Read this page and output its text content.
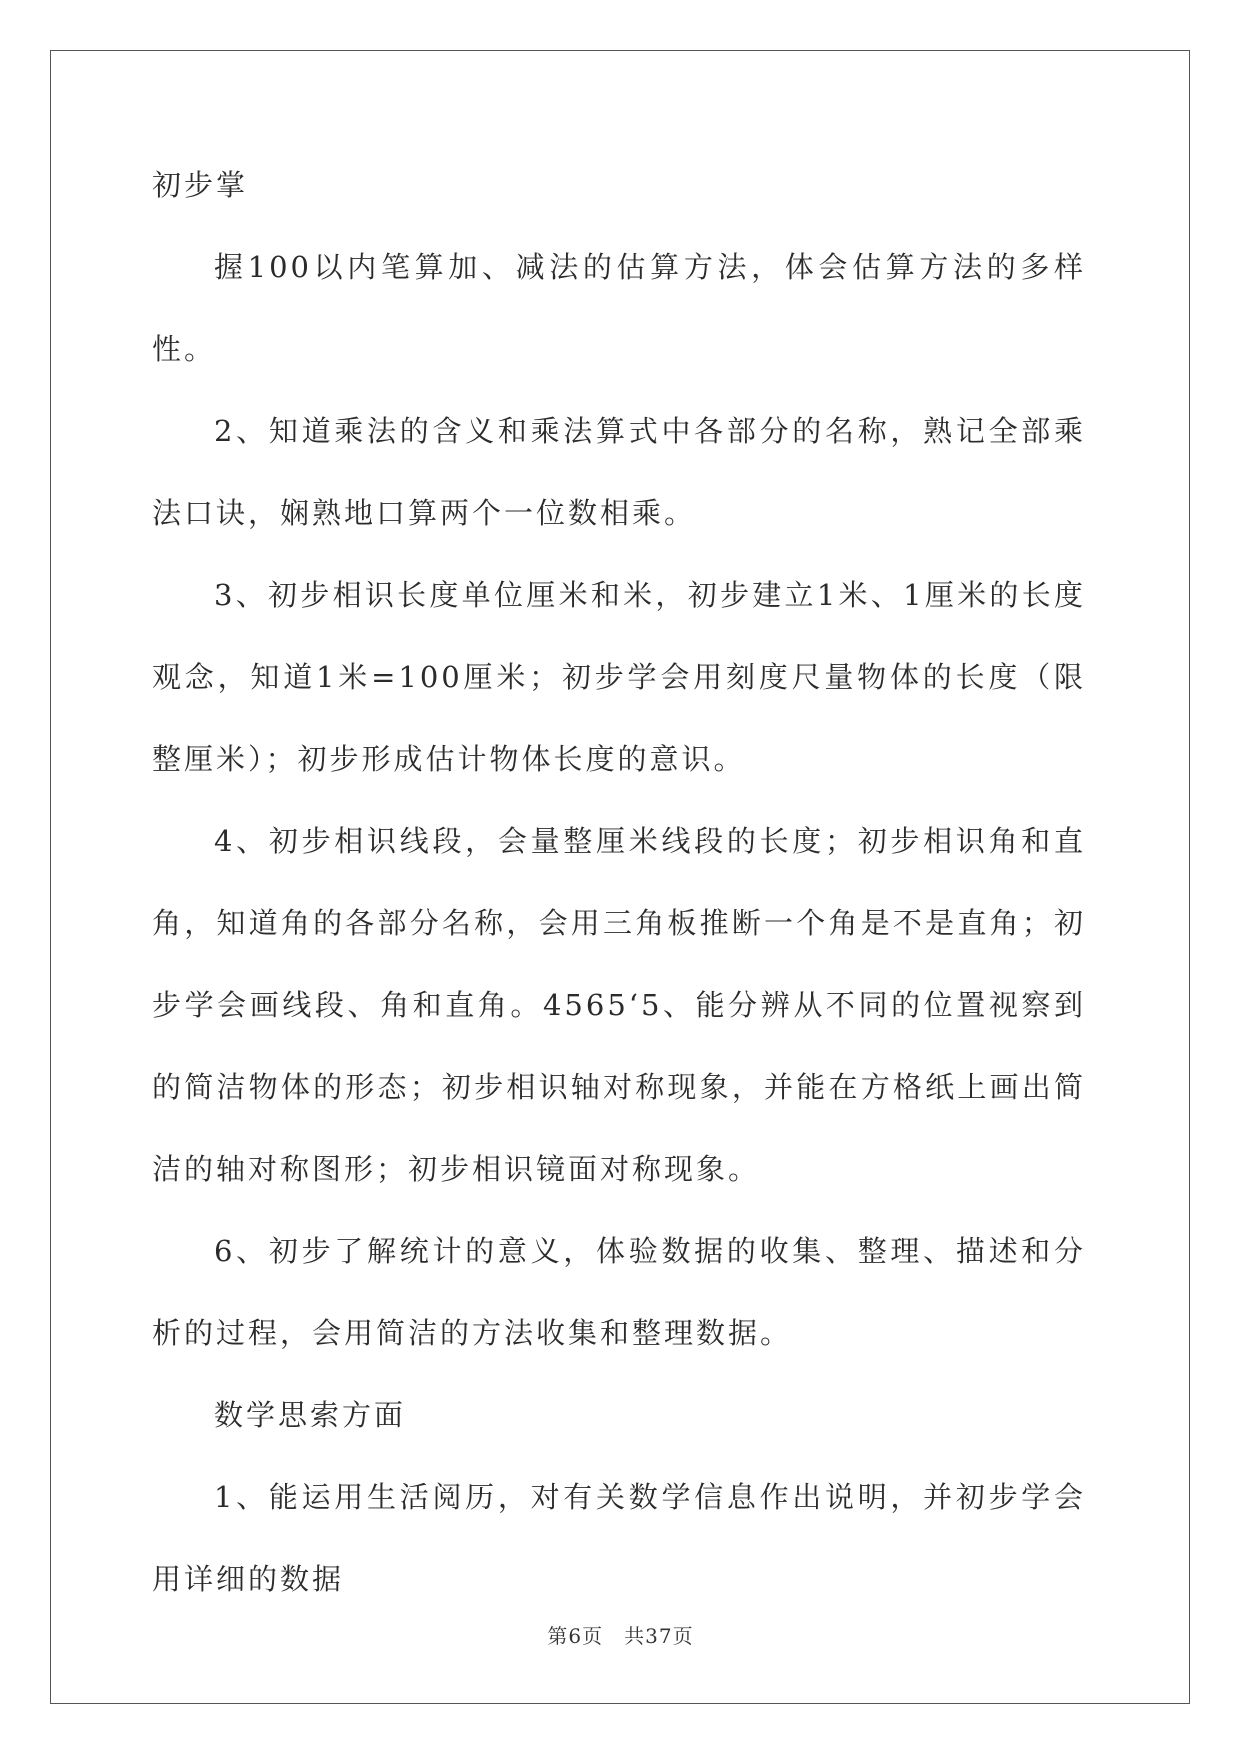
初步掌

握100以内笔算加、减法的估算方法，体会估算方法的多样性。

2、知道乘法的含义和乘法算式中各部分的名称，熟记全部乘法口诀，娴熟地口算两个一位数相乘。

3、初步相识长度单位厘米和米，初步建立1米、1厘米的长度观念，知道1米=100厘米；初步学会用刻度尺量物体的长度（限整厘米）；初步形成估计物体长度的意识。

4、初步相识线段，会量整厘米线段的长度；初步相识角和直角，知道角的各部分名称，会用三角板推断一个角是不是直角；初步学会画线段、角和直角。4565‘5、能分辨从不同的位置视察到的简洁物体的形态；初步相识轴对称现象，并能在方格纸上画出简洁的轴对称图形；初步相识镜面对称现象。

6、初步了解统计的意义，体验数据的收集、整理、描述和分析的过程，会用简洁的方法收集和整理数据。

数学思索方面

1、能运用生活阅历，对有关数学信息作出说明，并初步学会用详细的数据

第6页　共37页
